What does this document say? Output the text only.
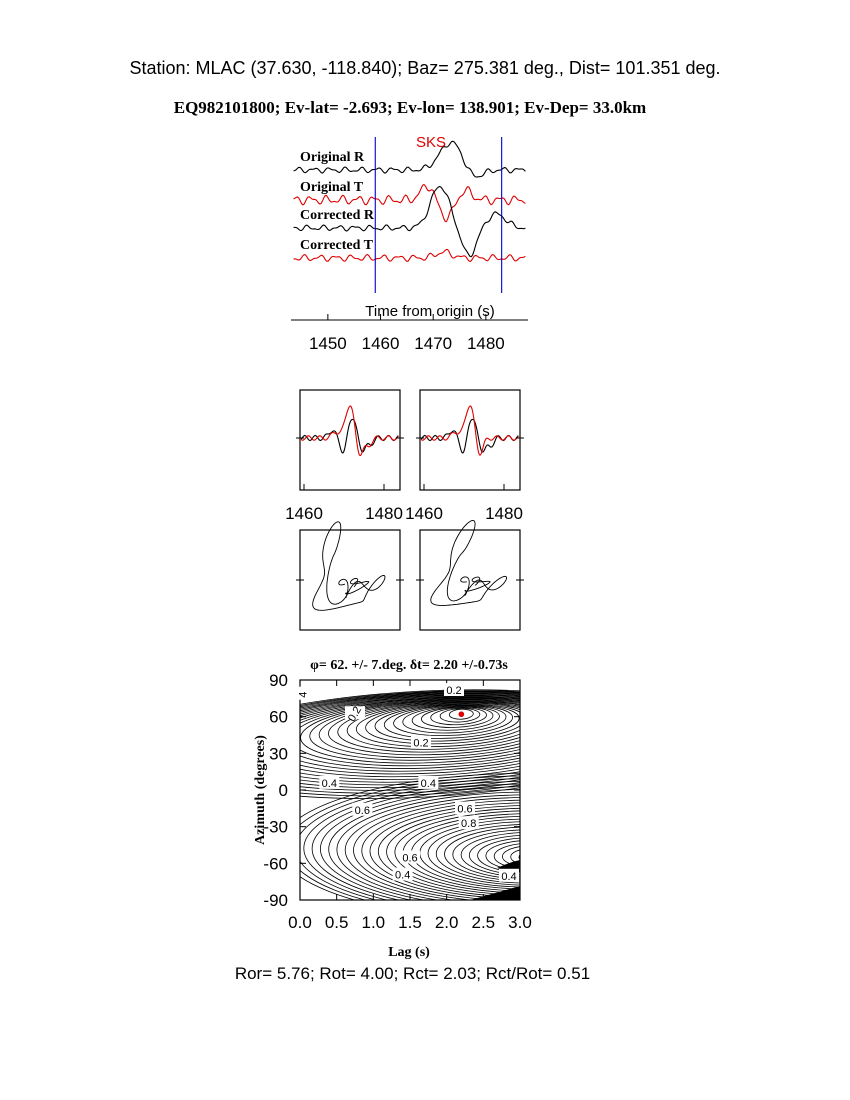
Station: MLAC (37.630, -118.840); Baz= 275.381 deg., Dist= 101.351 deg.
EQ982101800; Ev-lat= -2.693; Ev-lon= 138.901; Ev-Dep= 33.0km
SKS
Original R
Original T
Corrected R
Corrected T
Time from origin (s)
1450 1460 1470 1480
1460 1480 1460 1480
φ= 62. +/- 7.deg. δt= 2.20 +/-0.73s
0.0 0.5 1.0 1.5 2.0 2.5 3.0
90
60
30
0
-30
-60
-90
0.2
0.2
0.2
0.4	0.4
0.6	0.6
0.8
0.6
0.4	0.4
4
Lag (s)
Azimuth (degrees)
Ror= 5.76; Rot= 4.00; Rct= 2.03; Rct/Rot= 0.51
